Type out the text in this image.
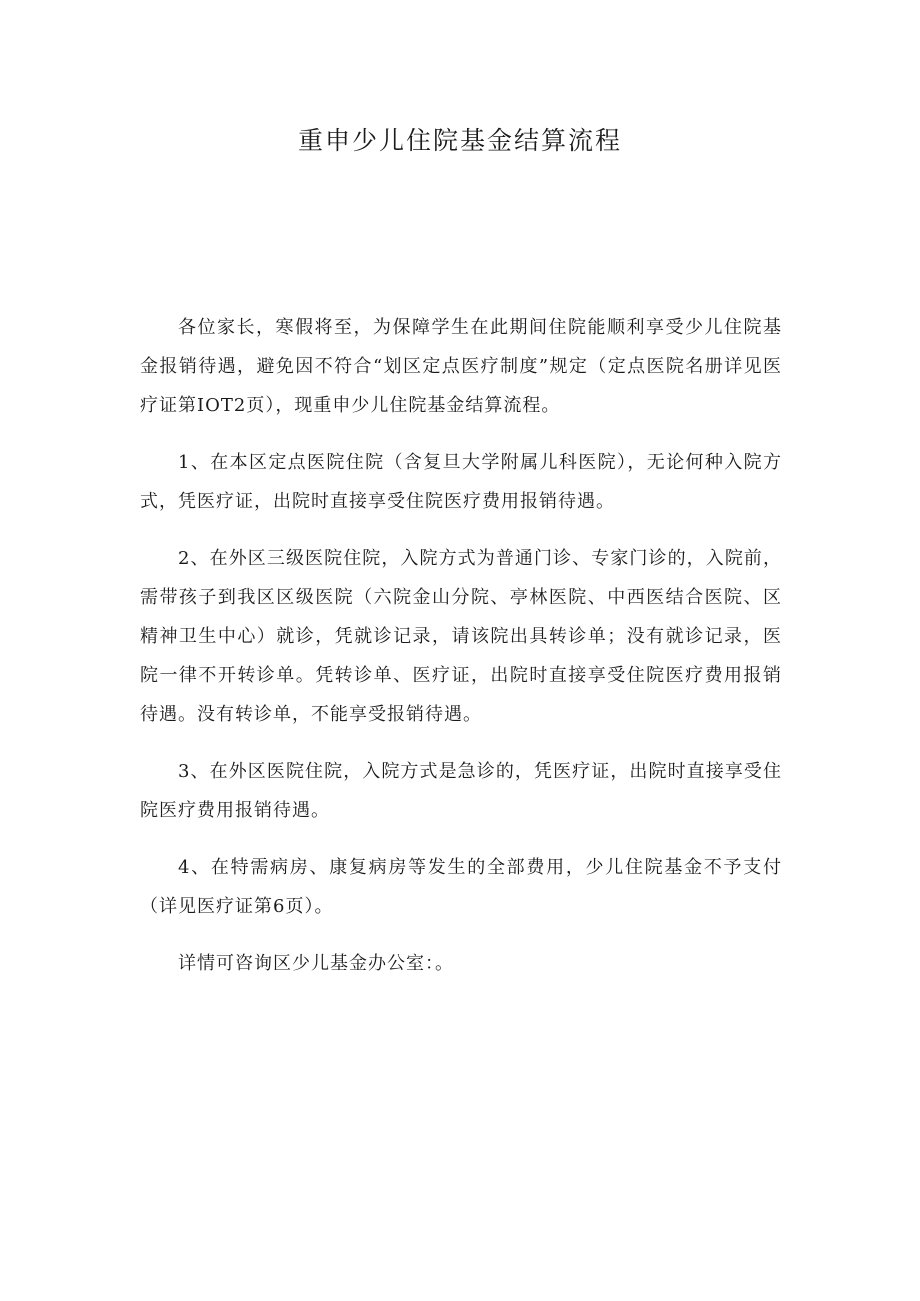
重申少儿住院基金结算流程

各位家长，寒假将至，为保障学生在此期间住院能顺利享受少儿住院基金报销待遇，避免因不符合“划区定点医疗制度”规定（定点医院名册详见医疗证第IOT2页），现重申少儿住院基金结算流程。

1、在本区定点医院住院（含复旦大学附属儿科医院），无论何种入院方式，凭医疗证，出院时直接享受住院医疗费用报销待遇。

2、在外区三级医院住院，入院方式为普通门诊、专家门诊的，入院前，需带孩子到我区区级医院（六院金山分院、亭林医院、中西医结合医院、区精神卫生中心）就诊，凭就诊记录，请该院出具转诊单；没有就诊记录，医院一律不开转诊单。凭转诊单、医疗证，出院时直接享受住院医疗费用报销待遇。没有转诊单，不能享受报销待遇。

3、在外区医院住院，入院方式是急诊的，凭医疗证，出院时直接享受住院医疗费用报销待遇。

4、在特需病房、康复病房等发生的全部费用，少儿住院基金不予支付（详见医疗证第6页）。

详情可咨询区少儿基金办公室：。
